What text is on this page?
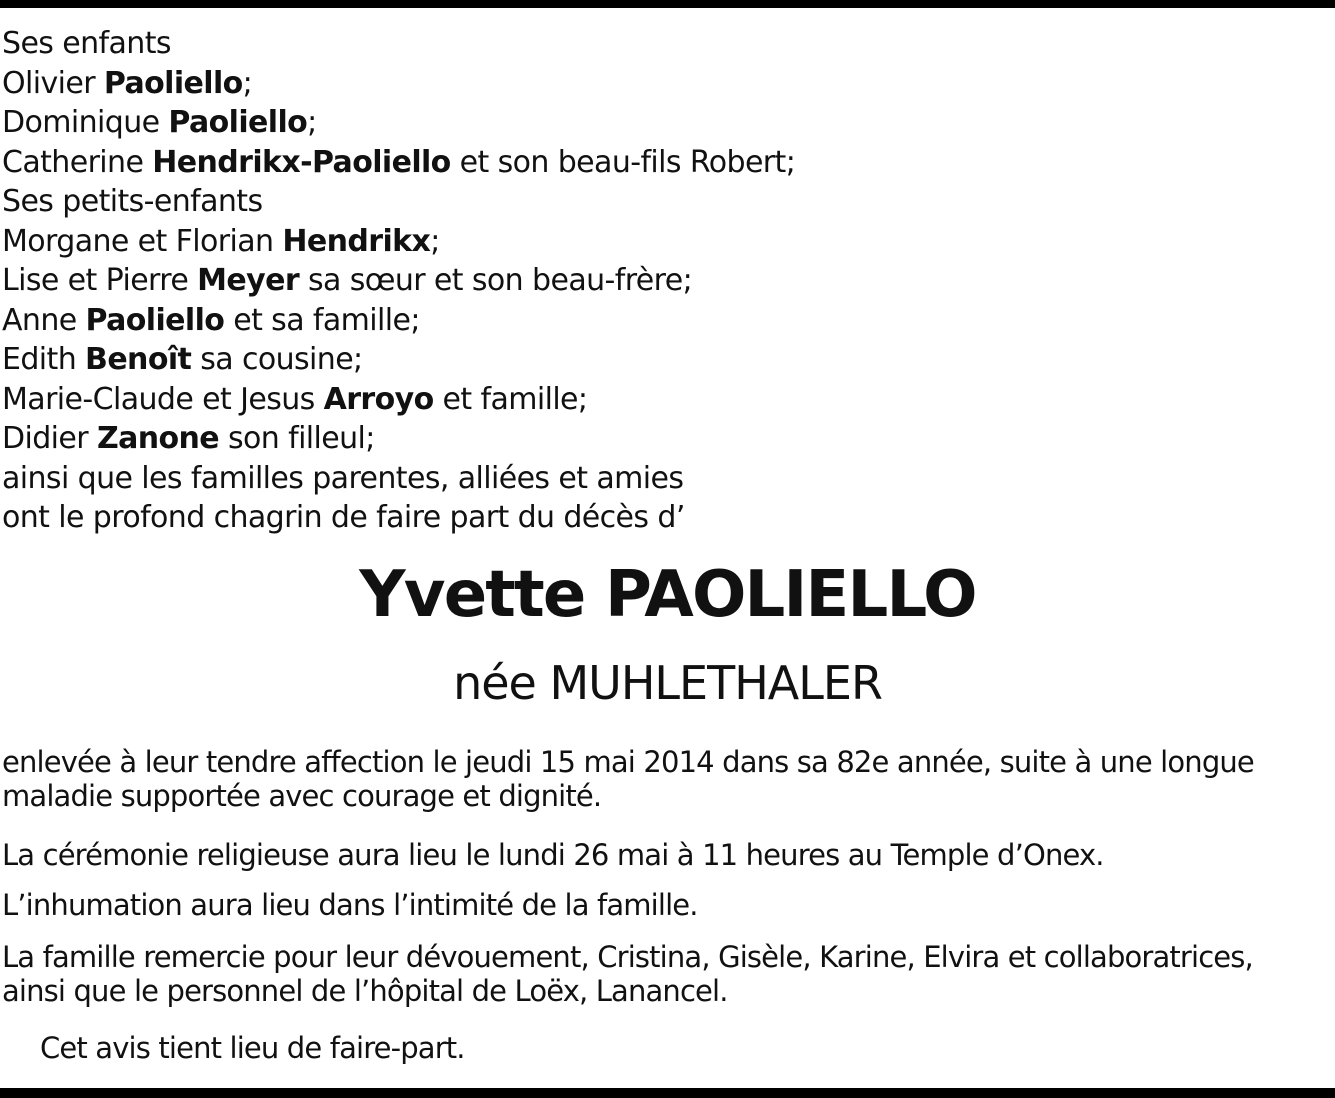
Ses enfants
Olivier Paoliello;
Dominique Paoliello;
Catherine Hendrikx-Paoliello et son beau-fils Robert;
Ses petits-enfants
Morgane et Florian Hendrikx;
Lise et Pierre Meyer sa sœur et son beau-frère;
Anne Paoliello et sa famille;
Edith Benoît sa cousine;
Marie-Claude et Jesus Arroyo et famille;
Didier Zanone son filleul;
ainsi que les familles parentes, alliées et amies
ont le profond chagrin de faire part du décès d’
Yvette PAOLIELLO
née MUHLETHALER
enlevée à leur tendre affection le jeudi 15 mai 2014 dans sa 82e année, suite à une longue
maladie supportée avec courage et dignité.
La cérémonie religieuse aura lieu le lundi 26 mai à 11 heures au Temple d’Onex.
L’inhumation aura lieu dans l’intimité de la famille.
La famille remercie pour leur dévouement, Cristina, Gisèle, Karine, Elvira et collaboratrices,
ainsi que le personnel de l’hôpital de Loëx, Lanancel.
Cet avis tient lieu de faire-part.
